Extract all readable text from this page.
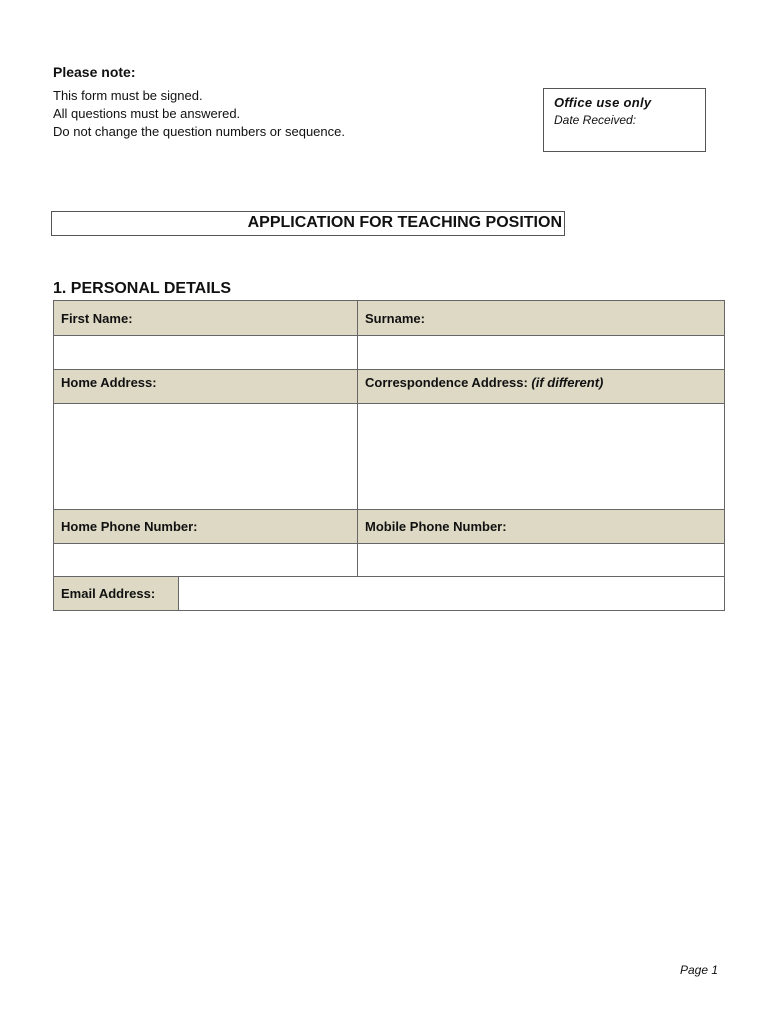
Please note:
This form must be signed.
All questions must be answered.
Do not change the question numbers or sequence.
Office use only
Date Received:
APPLICATION FOR TEACHING POSITION
1. PERSONAL DETAILS
First Name:	Surname:

Home Address:	Correspondence Address: (if different)

Home Phone Number:	Mobile Phone Number:

Email Address:	
Page 1
